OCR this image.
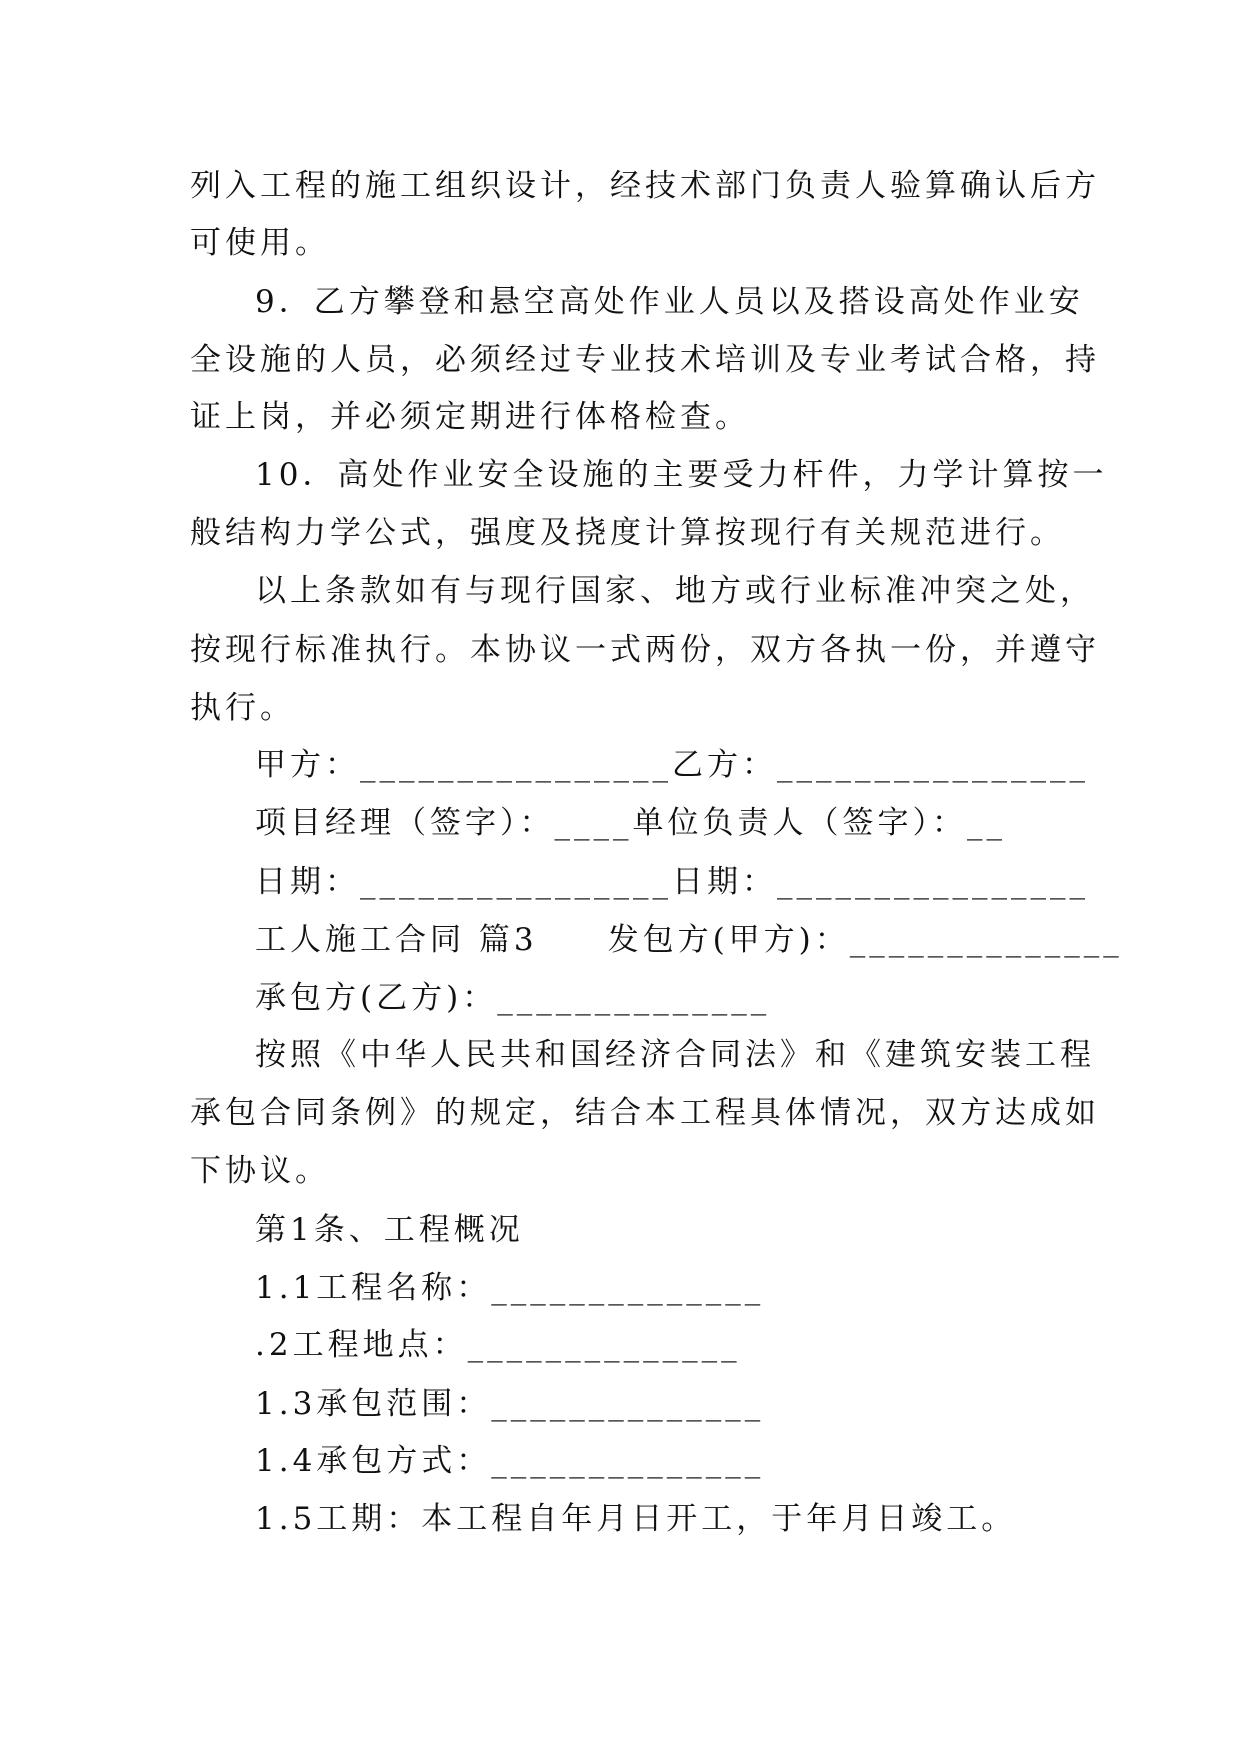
列入工程的施工组织设计，经技术部门负责人验算确认后方
可使用。
9．乙方攀登和悬空高处作业人员以及搭设高处作业安
全设施的人员，必须经过专业技术培训及专业考试合格，持
证上岗，并必须定期进行体格检查。
10．高处作业安全设施的主要受力杆件，力学计算按一
般结构力学公式，强度及挠度计算按现行有关规范进行。
以上条款如有与现行国家、地方或行业标准冲突之处，
按现行标准执行。本协议一式两份，双方各执一份，并遵守
执行。
甲方：________________乙方：________________
项目经理（签字）：____单位负责人（签字）：__
日期：________________日期：________________
工人施工合同 篇3　　发包方(甲方)：______________
承包方(乙方)：______________
按照《中华人民共和国经济合同法》和《建筑安装工程
承包合同条例》的规定，结合本工程具体情况，双方达成如
下协议。
第1条、工程概况
1.1工程名称：______________
.2工程地点：______________
1.3承包范围：______________
1.4承包方式：______________
1.5工期：本工程自年月日开工，于年月日竣工。
